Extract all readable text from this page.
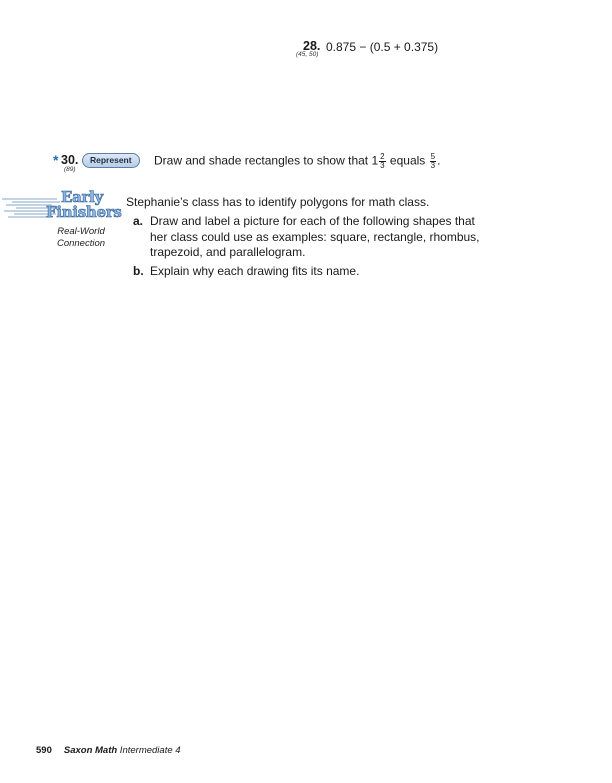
28.
(45, 50)
0.875 − (0.5 + 0.375)
* 30.
(89)
Represent	Draw and shade rectangles to show that $1 \frac{2}{3}$ equals $\frac{5}{3}$ .
Early
Finishers
Real-World
Connection
Stephanie’s class has to identify polygons for math class.
a. Draw and label a picture for each of the following shapes that her class could use as examples: square, rectangle, rhombus, trapezoid, and parallelogram.
b. Explain why each drawing fits its name.
590 Saxon Math Intermediate 4
